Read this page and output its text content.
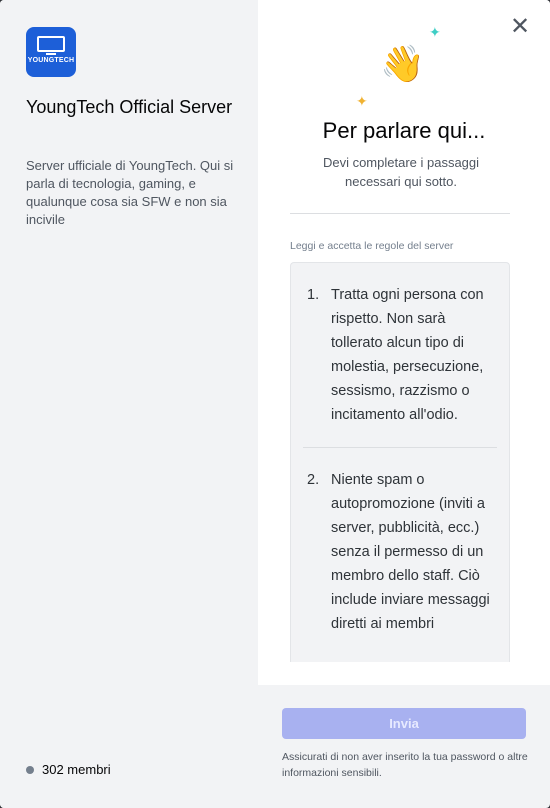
YOUNGTECH
YoungTech Official Server
Server ufficiale di YoungTech. Qui si parla di tecnologia, gaming, e qualunque cosa sia SFW e non sia incivile
302 membri
✕
✦
👋
✦
Per parlare qui...
Devi completare i passaggi necessari qui sotto.
Leggi e accetta le regole del server
1. Tratta ogni persona con rispetto. Non sarà tollerato alcun tipo di molestia, persecuzione, sessismo, razzismo o incitamento all'odio.
2. Niente spam o autopromozione (inviti a server, pubblicità, ecc.) senza il permesso di un membro dello staff. Ciò include inviare messaggi diretti ai membri
Invia
Assicurati di non aver inserito la tua password o altre informazioni sensibili.
